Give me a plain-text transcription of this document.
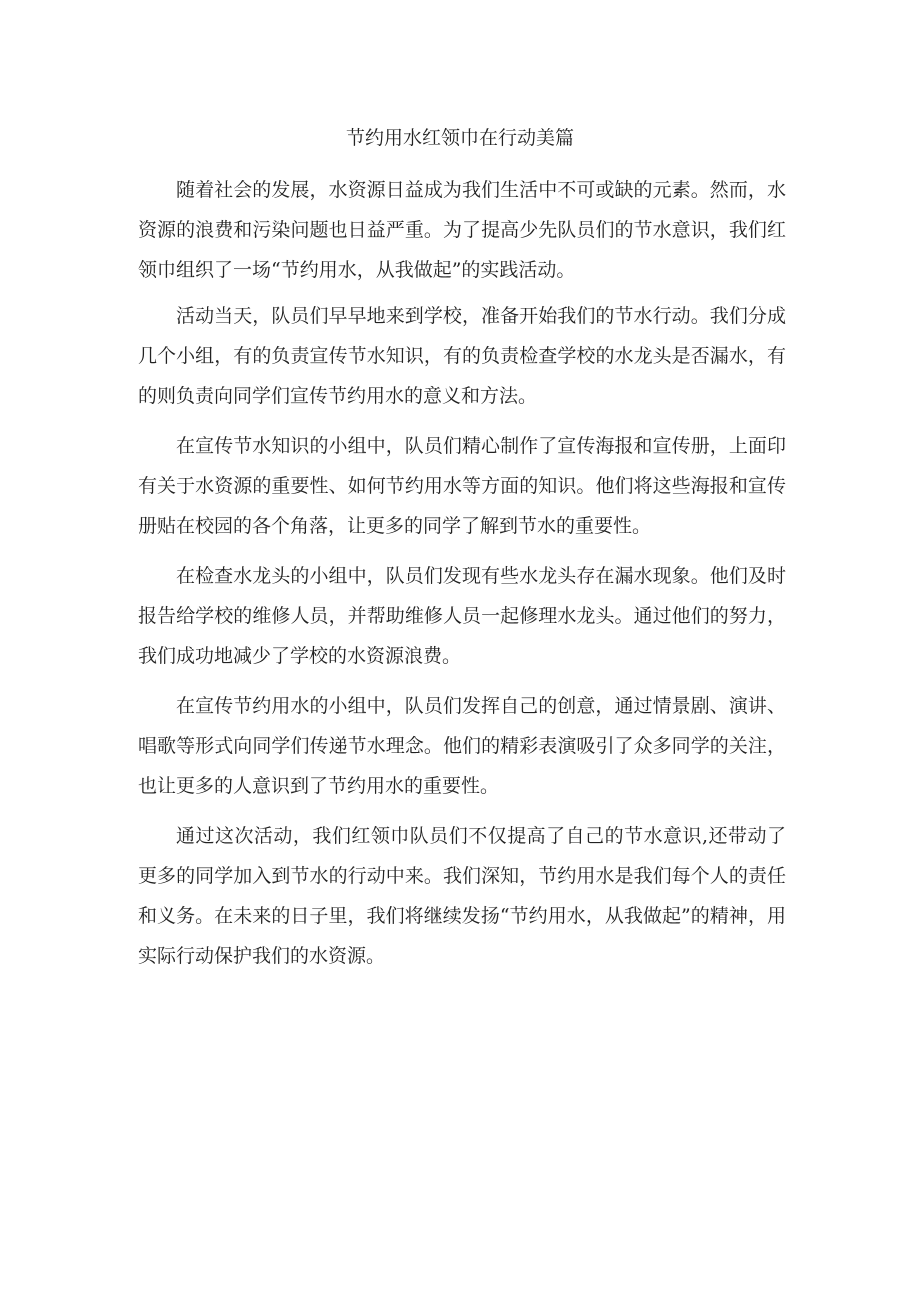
节约用水红领巾在行动美篇

随着社会的发展，水资源日益成为我们生活中不可或缺的元素。然而，水资源的浪费和污染问题也日益严重。为了提高少先队员们的节水意识，我们红领巾组织了一场“节约用水，从我做起”的实践活动。

活动当天，队员们早早地来到学校，准备开始我们的节水行动。我们分成几个小组，有的负责宣传节水知识，有的负责检查学校的水龙头是否漏水，有的则负责向同学们宣传节约用水的意义和方法。

在宣传节水知识的小组中，队员们精心制作了宣传海报和宣传册，上面印有关于水资源的重要性、如何节约用水等方面的知识。他们将这些海报和宣传册贴在校园的各个角落，让更多的同学了解到节水的重要性。

在检查水龙头的小组中，队员们发现有些水龙头存在漏水现象。他们及时报告给学校的维修人员，并帮助维修人员一起修理水龙头。通过他们的努力，我们成功地减少了学校的水资源浪费。

在宣传节约用水的小组中，队员们发挥自己的创意，通过情景剧、演讲、唱歌等形式向同学们传递节水理念。他们的精彩表演吸引了众多同学的关注，也让更多的人意识到了节约用水的重要性。

通过这次活动，我们红领巾队员们不仅提高了自己的节水意识,还带动了更多的同学加入到节水的行动中来。我们深知，节约用水是我们每个人的责任和义务。在未来的日子里，我们将继续发扬“节约用水，从我做起”的精神，用实际行动保护我们的水资源。
